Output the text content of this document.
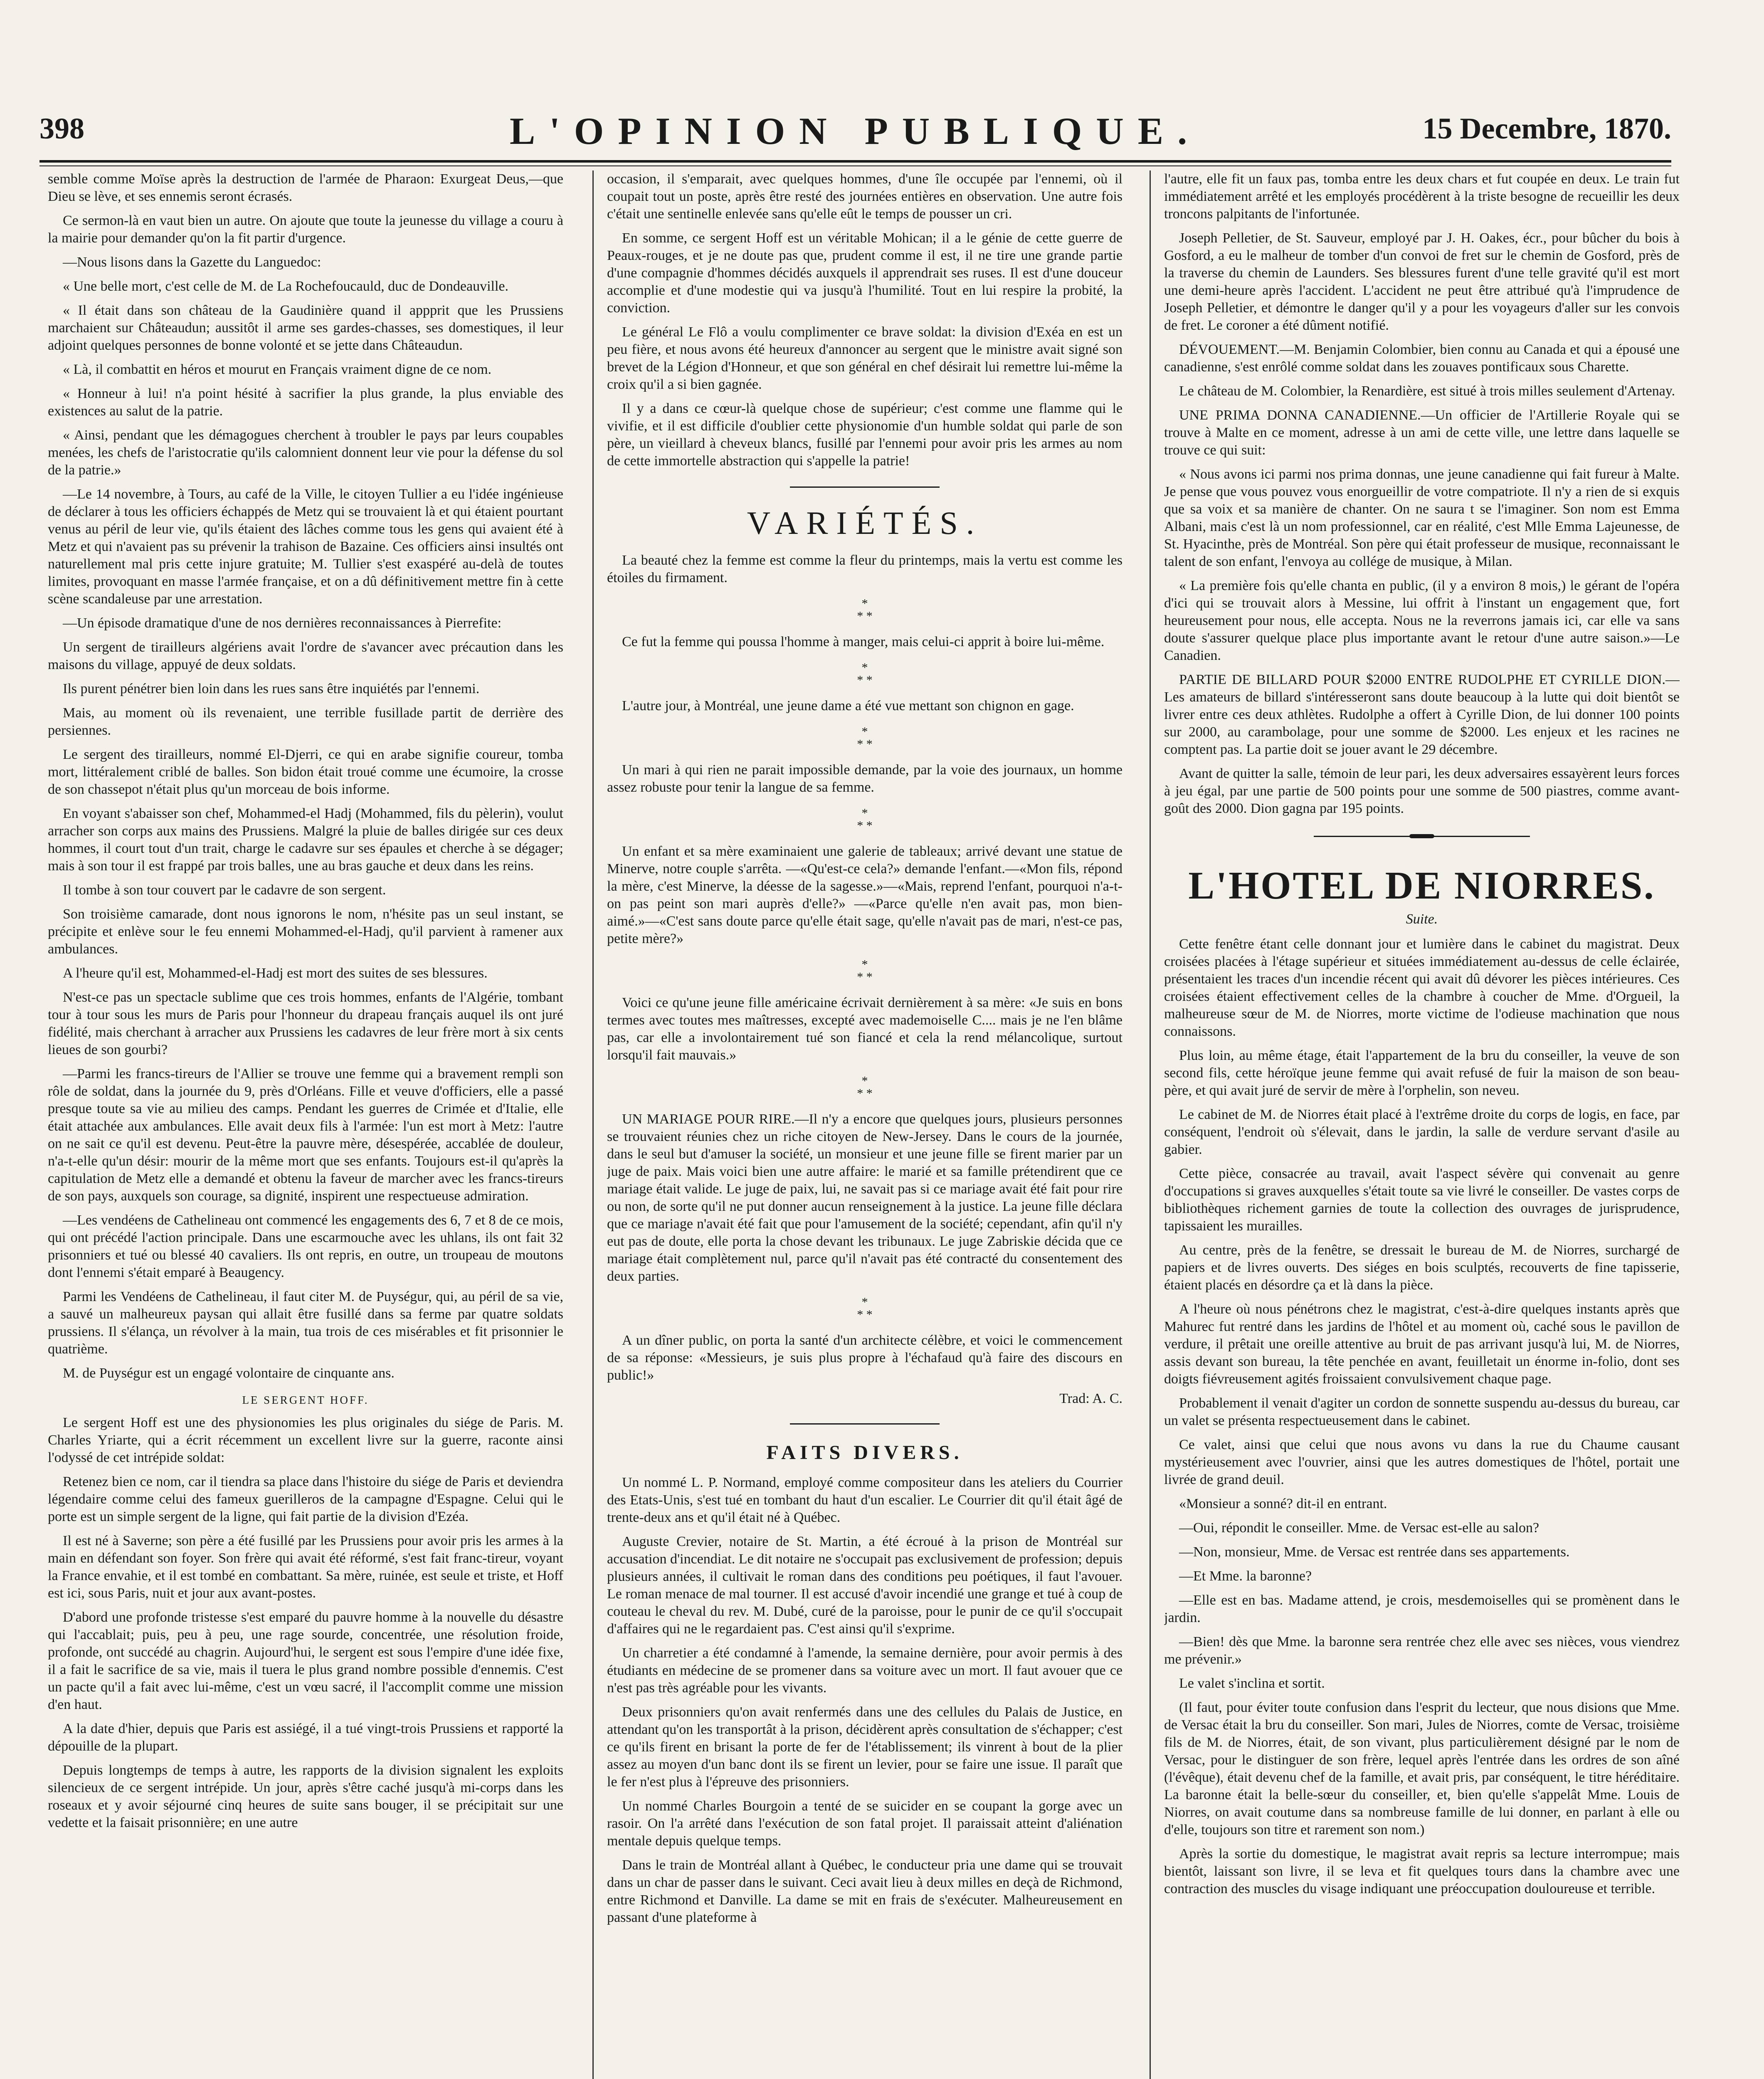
398	L'OPINION PUBLIQUE.	15 Decembre, 1870.

semble comme Moïse après la destruction de l'armée de Pharaon: Exurgeat Deus,—que Dieu se lève, et ses ennemis seront écrasés.

Ce sermon-là en vaut bien un autre. On ajoute que toute la jeunesse du village a couru à la mairie pour demander qu'on la fit partir d'urgence.

—Nous lisons dans la Gazette du Languedoc:

« Une belle mort, c'est celle de M. de La Rochefoucauld, duc de Dondeauville.

« Il était dans son château de la Gaudinière quand il appprit que les Prussiens marchaient sur Châteaudun; aussitôt il arme ses gardes-chasses, ses domestiques, il leur adjoint quelques personnes de bonne volonté et se jette dans Châteaudun.

« Là, il combattit en héros et mourut en Français vraiment digne de ce nom.

« Honneur à lui! n'a point hésité à sacrifier la plus grande, la plus enviable des existences au salut de la patrie.

« Ainsi, pendant que les démagogues cherchent à troubler le pays par leurs coupables menées, les chefs de l'aristocratie qu'ils calomnient donnent leur vie pour la défense du sol de la patrie.»

—Le 14 novembre, à Tours, au café de la Ville, le citoyen Tullier a eu l'idée ingénieuse de déclarer à tous les officiers échappés de Metz qui se trouvaient là et qui étaient pourtant venus au péril de leur vie, qu'ils étaient des lâches comme tous les gens qui avaient été à Metz et qui n'avaient pas su prévenir la trahison de Bazaine. Ces officiers ainsi insultés ont naturellement mal pris cette injure gratuite; M. Tullier s'est exaspéré au-delà de toutes limites, provoquant en masse l'armée française, et on a dû définitivement mettre fin à cette scène scandaleuse par une arrestation.

—Un épisode dramatique d'une de nos dernières reconnaissances à Pierrefite:

Un sergent de tirailleurs algériens avait l'ordre de s'avancer avec précaution dans les maisons du village, appuyé de deux soldats.

Ils purent pénétrer bien loin dans les rues sans être inquiétés par l'ennemi.

Mais, au moment où ils revenaient, une terrible fusillade partit de derrière des persiennes.

Le sergent des tirailleurs, nommé El-Djerri, ce qui en arabe signifie coureur, tomba mort, littéralement criblé de balles. Son bidon était troué comme une écumoire, la crosse de son chassepot n'était plus qu'un morceau de bois informe.

En voyant s'abaisser son chef, Mohammed-el Hadj (Mohammed, fils du pèlerin), voulut arracher son corps aux mains des Prussiens. Malgré la pluie de balles dirigée sur ces deux hommes, il court tout d'un trait, charge le cadavre sur ses épaules et cherche à se dégager; mais à son tour il est frappé par trois balles, une au bras gauche et deux dans les reins.

Il tombe à son tour couvert par le cadavre de son sergent.

Son troisième camarade, dont nous ignorons le nom, n'hésite pas un seul instant, se précipite et enlève sour le feu ennemi Mohammed-el-Hadj, qu'il parvient à ramener aux ambulances.

A l'heure qu'il est, Mohammed-el-Hadj est mort des suites de ses blessures.

N'est-ce pas un spectacle sublime que ces trois hommes, enfants de l'Algérie, tombant tour à tour sous les murs de Paris pour l'honneur du drapeau français auquel ils ont juré fidélité, mais cherchant à arracher aux Prussiens les cadavres de leur frère mort à six cents lieues de son gourbi?

—Parmi les francs-tireurs de l'Allier se trouve une femme qui a bravement rempli son rôle de soldat, dans la journée du 9, près d'Orléans. Fille et veuve d'officiers, elle a passé presque toute sa vie au milieu des camps. Pendant les guerres de Crimée et d'Italie, elle était attachée aux ambulances. Elle avait deux fils à l'armée: l'un est mort à Metz: l'autre on ne sait ce qu'il est devenu. Peut-être la pauvre mère, désespérée, accablée de douleur, n'a-t-elle qu'un désir: mourir de la même mort que ses enfants. Toujours est-il qu'après la capitulation de Metz elle a demandé et obtenu la faveur de marcher avec les francs-tireurs de son pays, auxquels son courage, sa dignité, inspirent une respectueuse admiration.

—Les vendéens de Cathelineau ont commencé les engagements des 6, 7 et 8 de ce mois, qui ont précédé l'action principale. Dans une escarmouche avec les uhlans, ils ont fait 32 prisonniers et tué ou blessé 40 cavaliers. Ils ont repris, en outre, un troupeau de moutons dont l'ennemi s'était emparé à Beaugency.

Parmi les Vendéens de Cathelineau, il faut citer M. de Puységur, qui, au péril de sa vie, a sauvé un malheureux paysan qui allait être fusillé dans sa ferme par quatre soldats prussiens. Il s'élança, un révolver à la main, tua trois de ces misérables et fit prisonnier le quatrième.

M. de Puységur est un engagé volontaire de cinquante ans.

LE SERGENT HOFF.

Le sergent Hoff est une des physionomies les plus originales du siége de Paris. M. Charles Yriarte, qui a écrit récemment un excellent livre sur la guerre, raconte ainsi l'odyssé de cet intrépide soldat:

Retenez bien ce nom, car il tiendra sa place dans l'histoire du siége de Paris et deviendra légendaire comme celui des fameux guerilleros de la campagne d'Espagne. Celui qui le porte est un simple sergent de la ligne, qui fait partie de la division d'Ezéa.

Il est né à Saverne; son père a été fusillé par les Prussiens pour avoir pris les armes à la main en défendant son foyer. Son frère qui avait été réformé, s'est fait franc-tireur, voyant la France envahie, et il est tombé en combattant. Sa mère, ruinée, est seule et triste, et Hoff est ici, sous Paris, nuit et jour aux avant-postes.

D'abord une profonde tristesse s'est emparé du pauvre homme à la nouvelle du désastre qui l'accablait; puis, peu à peu, une rage sourde, concentrée, une résolution froide, profonde, ont succédé au chagrin. Aujourd'hui, le sergent est sous l'empire d'une idée fixe, il a fait le sacrifice de sa vie, mais il tuera le plus grand nombre possible d'ennemis. C'est un pacte qu'il a fait avec lui-même, c'est un vœu sacré, il l'accomplit comme une mission d'en haut.

A la date d'hier, depuis que Paris est assiégé, il a tué vingt-trois Prussiens et rapporté la dépouille de la plupart.

Depuis longtemps de temps à autre, les rapports de la division signalent les exploits silencieux de ce sergent intrépide. Un jour, après s'être caché jusqu'à mi-corps dans les roseaux et y avoir séjourné cinq heures de suite sans bouger, il se précipitait sur une vedette et la faisait prisonnière; en une autre

occasion, il s'emparait, avec quelques hommes, d'une île occupée par l'ennemi, où il coupait tout un poste, après être resté des journées entières en observation. Une autre fois c'était une sentinelle enlevée sans qu'elle eût le temps de pousser un cri.

En somme, ce sergent Hoff est un véritable Mohican; il a le génie de cette guerre de Peaux-rouges, et je ne doute pas que, prudent comme il est, il ne tire une grande partie d'une compagnie d'hommes décidés auxquels il apprendrait ses ruses. Il est d'une douceur accomplie et d'une modestie qui va jusqu'à l'humilité. Tout en lui respire la probité, la conviction.

Le général Le Flô a voulu complimenter ce brave soldat: la division d'Exéa en est un peu fière, et nous avons été heureux d'annoncer au sergent que le ministre avait signé son brevet de la Légion d'Honneur, et que son général en chef désirait lui remettre lui-même la croix qu'il a si bien gagnée.

Il y a dans ce cœur-là quelque chose de supérieur; c'est comme une flamme qui le vivifie, et il est difficile d'oublier cette physionomie d'un humble soldat qui parle de son père, un vieillard à cheveux blancs, fusillé par l'ennemi pour avoir pris les armes au nom de cette immortelle abstraction qui s'appelle la patrie!

VARIÉTÉS.

La beauté chez la femme est comme la fleur du printemps, mais la vertu est comme les étoiles du firmament.

*
* *

Ce fut la femme qui poussa l'homme à manger, mais celui-ci apprit à boire lui-même.

*
* *

L'autre jour, à Montréal, une jeune dame a été vue mettant son chignon en gage.

*
* *

Un mari à qui rien ne parait impossible demande, par la voie des journaux, un homme assez robuste pour tenir la langue de sa femme.

*
* *

Un enfant et sa mère examinaient une galerie de tableaux; arrivé devant une statue de Minerve, notre couple s'arrêta. —«Qu'est-ce cela?» demande l'enfant.—«Mon fils, répond la mère, c'est Minerve, la déesse de la sagesse.»—«Mais, reprend l'enfant, pourquoi n'a-t-on pas peint son mari auprès d'elle?» —«Parce qu'elle n'en avait pas, mon bien-aimé.»—«C'est sans doute parce qu'elle était sage, qu'elle n'avait pas de mari, n'est-ce pas, petite mère?»

*
* *

Voici ce qu'une jeune fille américaine écrivait dernièrement à sa mère: «Je suis en bons termes avec toutes mes maîtresses, excepté avec mademoiselle C.... mais je ne l'en blâme pas, car elle a involontairement tué son fiancé et cela la rend mélancolique, surtout lorsqu'il fait mauvais.»

*
* *

UN MARIAGE POUR RIRE.—Il n'y a encore que quelques jours, plusieurs personnes se trouvaient réunies chez un riche citoyen de New-Jersey. Dans le cours de la journée, dans le seul but d'amuser la société, un monsieur et une jeune fille se firent marier par un juge de paix. Mais voici bien une autre affaire: le marié et sa famille prétendirent que ce mariage était valide. Le juge de paix, lui, ne savait pas si ce mariage avait été fait pour rire ou non, de sorte qu'il ne put donner aucun renseignement à la justice. La jeune fille déclara que ce mariage n'avait été fait que pour l'amusement de la société; cependant, afin qu'il n'y eut pas de doute, elle porta la chose devant les tribunaux. Le juge Zabriskie décida que ce mariage était complètement nul, parce qu'il n'avait pas été contracté du consentement des deux parties.

*
* *

A un dîner public, on porta la santé d'un architecte célèbre, et voici le commencement de sa réponse: «Messieurs, je suis plus propre à l'échafaud qu'à faire des discours en public!»

Trad: A. C.
FAITS DIVERS.

Un nommé L. P. Normand, employé comme compositeur dans les ateliers du Courrier des Etats-Unis, s'est tué en tombant du haut d'un escalier. Le Courrier dit qu'il était âgé de trente-deux ans et qu'il était né à Québec.

Auguste Crevier, notaire de St. Martin, a été écroué à la prison de Montréal sur accusation d'incendiat. Le dit notaire ne s'occupait pas exclusivement de profession; depuis plusieurs années, il cultivait le roman dans des conditions peu poétiques, il faut l'avouer. Le roman menace de mal tourner. Il est accusé d'avoir incendié une grange et tué à coup de couteau le cheval du rev. M. Dubé, curé de la paroisse, pour le punir de ce qu'il s'occupait d'affaires qui ne le regardaient pas. C'est ainsi qu'il s'exprime.

Un charretier a été condamné à l'amende, la semaine dernière, pour avoir permis à des étudiants en médecine de se promener dans sa voiture avec un mort. Il faut avouer que ce n'est pas très agréable pour les vivants.

Deux prisonniers qu'on avait renfermés dans une des cellules du Palais de Justice, en attendant qu'on les transportât à la prison, décidèrent après consultation de s'échapper; c'est ce qu'ils firent en brisant la porte de fer de l'établissement; ils vinrent à bout de la plier assez au moyen d'un banc dont ils se firent un levier, pour se faire une issue. Il paraît que le fer n'est plus à l'épreuve des prisonniers.

Un nommé Charles Bourgoin a tenté de se suicider en se coupant la gorge avec un rasoir. On l'a arrêté dans l'exécution de son fatal projet. Il paraissait atteint d'aliénation mentale depuis quelque temps.

Dans le train de Montréal allant à Québec, le conducteur pria une dame qui se trouvait dans un char de passer dans le suivant. Ceci avait lieu à deux milles en deçà de Richmond, entre Richmond et Danville. La dame se mit en frais de s'exécuter. Malheureusement en passant d'une plateforme à

l'autre, elle fit un faux pas, tomba entre les deux chars et fut coupée en deux. Le train fut immédiatement arrêté et les employés procédèrent à la triste besogne de recueillir les deux troncons palpitants de l'infortunée.

Joseph Pelletier, de St. Sauveur, employé par J. H. Oakes, écr., pour bûcher du bois à Gosford, a eu le malheur de tomber d'un convoi de fret sur le chemin de Gosford, près de la traverse du chemin de Launders. Ses blessures furent d'une telle gravité qu'il est mort une demi-heure après l'accident. L'accident ne peut être attribué qu'à l'imprudence de Joseph Pelletier, et démontre le danger qu'il y a pour les voyageurs d'aller sur les convois de fret. Le coroner a été dûment notifié.

DÉVOUEMENT.—M. Benjamin Colombier, bien connu au Canada et qui a épousé une canadienne, s'est enrôlé comme soldat dans les zouaves pontificaux sous Charette.

Le château de M. Colombier, la Renardière, est situé à trois milles seulement d'Artenay.

UNE PRIMA DONNA CANADIENNE.—Un officier de l'Artillerie Royale qui se trouve à Malte en ce moment, adresse à un ami de cette ville, une lettre dans laquelle se trouve ce qui suit:

« Nous avons ici parmi nos prima donnas, une jeune canadienne qui fait fureur à Malte. Je pense que vous pouvez vous enorgueillir de votre compatriote. Il n'y a rien de si exquis que sa voix et sa manière de chanter. On ne saura t se l'imaginer. Son nom est Emma Albani, mais c'est là un nom professionnel, car en réalité, c'est Mlle Emma Lajeunesse, de St. Hyacinthe, près de Montréal. Son père qui était professeur de musique, reconnaissant le talent de son enfant, l'envoya au collége de musique, à Milan.

« La première fois qu'elle chanta en public, (il y a environ 8 mois,) le gérant de l'opéra d'ici qui se trouvait alors à Messine, lui offrit à l'instant un engagement que, fort heureusement pour nous, elle accepta. Nous ne la reverrons jamais ici, car elle va sans doute s'assurer quelque place plus importante avant le retour d'une autre saison.»—Le Canadien.

PARTIE DE BILLARD POUR $2000 ENTRE RUDOLPHE ET CYRILLE DION.—Les amateurs de billard s'intéresseront sans doute beaucoup à la lutte qui doit bientôt se livrer entre ces deux athlètes. Rudolphe a offert à Cyrille Dion, de lui donner 100 points sur 2000, au carambolage, pour une somme de $2000. Les enjeux et les racines ne comptent pas. La partie doit se jouer avant le 29 décembre.

Avant de quitter la salle, témoin de leur pari, les deux adversaires essayèrent leurs forces à jeu égal, par une partie de 500 points pour une somme de 500 piastres, comme avant-goût des 2000. Dion gagna par 195 points.

L'HOTEL DE NIORRES.
Suite.

Cette fenêtre étant celle donnant jour et lumière dans le cabinet du magistrat. Deux croisées placées à l'étage supérieur et situées immédiatement au-dessus de celle éclairée, présentaient les traces d'un incendie récent qui avait dû dévorer les pièces intérieures. Ces croisées étaient effectivement celles de la chambre à coucher de Mme. d'Orgueil, la malheureuse sœur de M. de Niorres, morte victime de l'odieuse machination que nous connaissons.

Plus loin, au même étage, était l'appartement de la bru du conseiller, la veuve de son second fils, cette héroïque jeune femme qui avait refusé de fuir la maison de son beau-père, et qui avait juré de servir de mère à l'orphelin, son neveu.

Le cabinet de M. de Niorres était placé à l'extrême droite du corps de logis, en face, par conséquent, l'endroit où s'élevait, dans le jardin, la salle de verdure servant d'asile au gabier.

Cette pièce, consacrée au travail, avait l'aspect sévère qui convenait au genre d'occupations si graves auxquelles s'était toute sa vie livré le conseiller. De vastes corps de bibliothèques richement garnies de toute la collection des ouvrages de jurisprudence, tapissaient les murailles.

Au centre, près de la fenêtre, se dressait le bureau de M. de Niorres, surchargé de papiers et de livres ouverts. Des siéges en bois sculptés, recouverts de fine tapisserie, étaient placés en désordre ça et là dans la pièce.

A l'heure où nous pénétrons chez le magistrat, c'est-à-dire quelques instants après que Mahurec fut rentré dans les jardins de l'hôtel et au moment où, caché sous le pavillon de verdure, il prêtait une oreille attentive au bruit de pas arrivant jusqu'à lui, M. de Niorres, assis devant son bureau, la tête penchée en avant, feuilletait un énorme in-folio, dont ses doigts fiévreusement agités froissaient convulsivement chaque page.

Probablement il venait d'agiter un cordon de sonnette suspendu au-dessus du bureau, car un valet se présenta respectueusement dans le cabinet.

Ce valet, ainsi que celui que nous avons vu dans la rue du Chaume causant mystérieusement avec l'ouvrier, ainsi que les autres domestiques de l'hôtel, portait une livrée de grand deuil.

«Monsieur a sonné? dit-il en entrant.

—Oui, répondit le conseiller. Mme. de Versac est-elle au salon?

—Non, monsieur, Mme. de Versac est rentrée dans ses appartements.

—Et Mme. la baronne?

—Elle est en bas. Madame attend, je crois, mesdemoiselles qui se promènent dans le jardin.

—Bien! dès que Mme. la baronne sera rentrée chez elle avec ses nièces, vous viendrez me prévenir.»

Le valet s'inclina et sortit.

(Il faut, pour éviter toute confusion dans l'esprit du lecteur, que nous disions que Mme. de Versac était la bru du conseiller. Son mari, Jules de Niorres, comte de Versac, troisième fils de M. de Niorres, était, de son vivant, plus particulièrement désigné par le nom de Versac, pour le distinguer de son frère, lequel après l'entrée dans les ordres de son aîné (l'évêque), était devenu chef de la famille, et avait pris, par conséquent, le titre héréditaire. La baronne était la belle-sœur du conseiller, et, bien qu'elle s'appelât Mme. Louis de Niorres, on avait coutume dans sa nombreuse famille de lui donner, en parlant à elle ou d'elle, toujours son titre et rarement son nom.)

Après la sortie du domestique, le magistrat avait repris sa lecture interrompue; mais bientôt, laissant son livre, il se leva et fit quelques tours dans la chambre avec une contraction des muscles du visage indiquant une préoccupation douloureuse et terrible.
